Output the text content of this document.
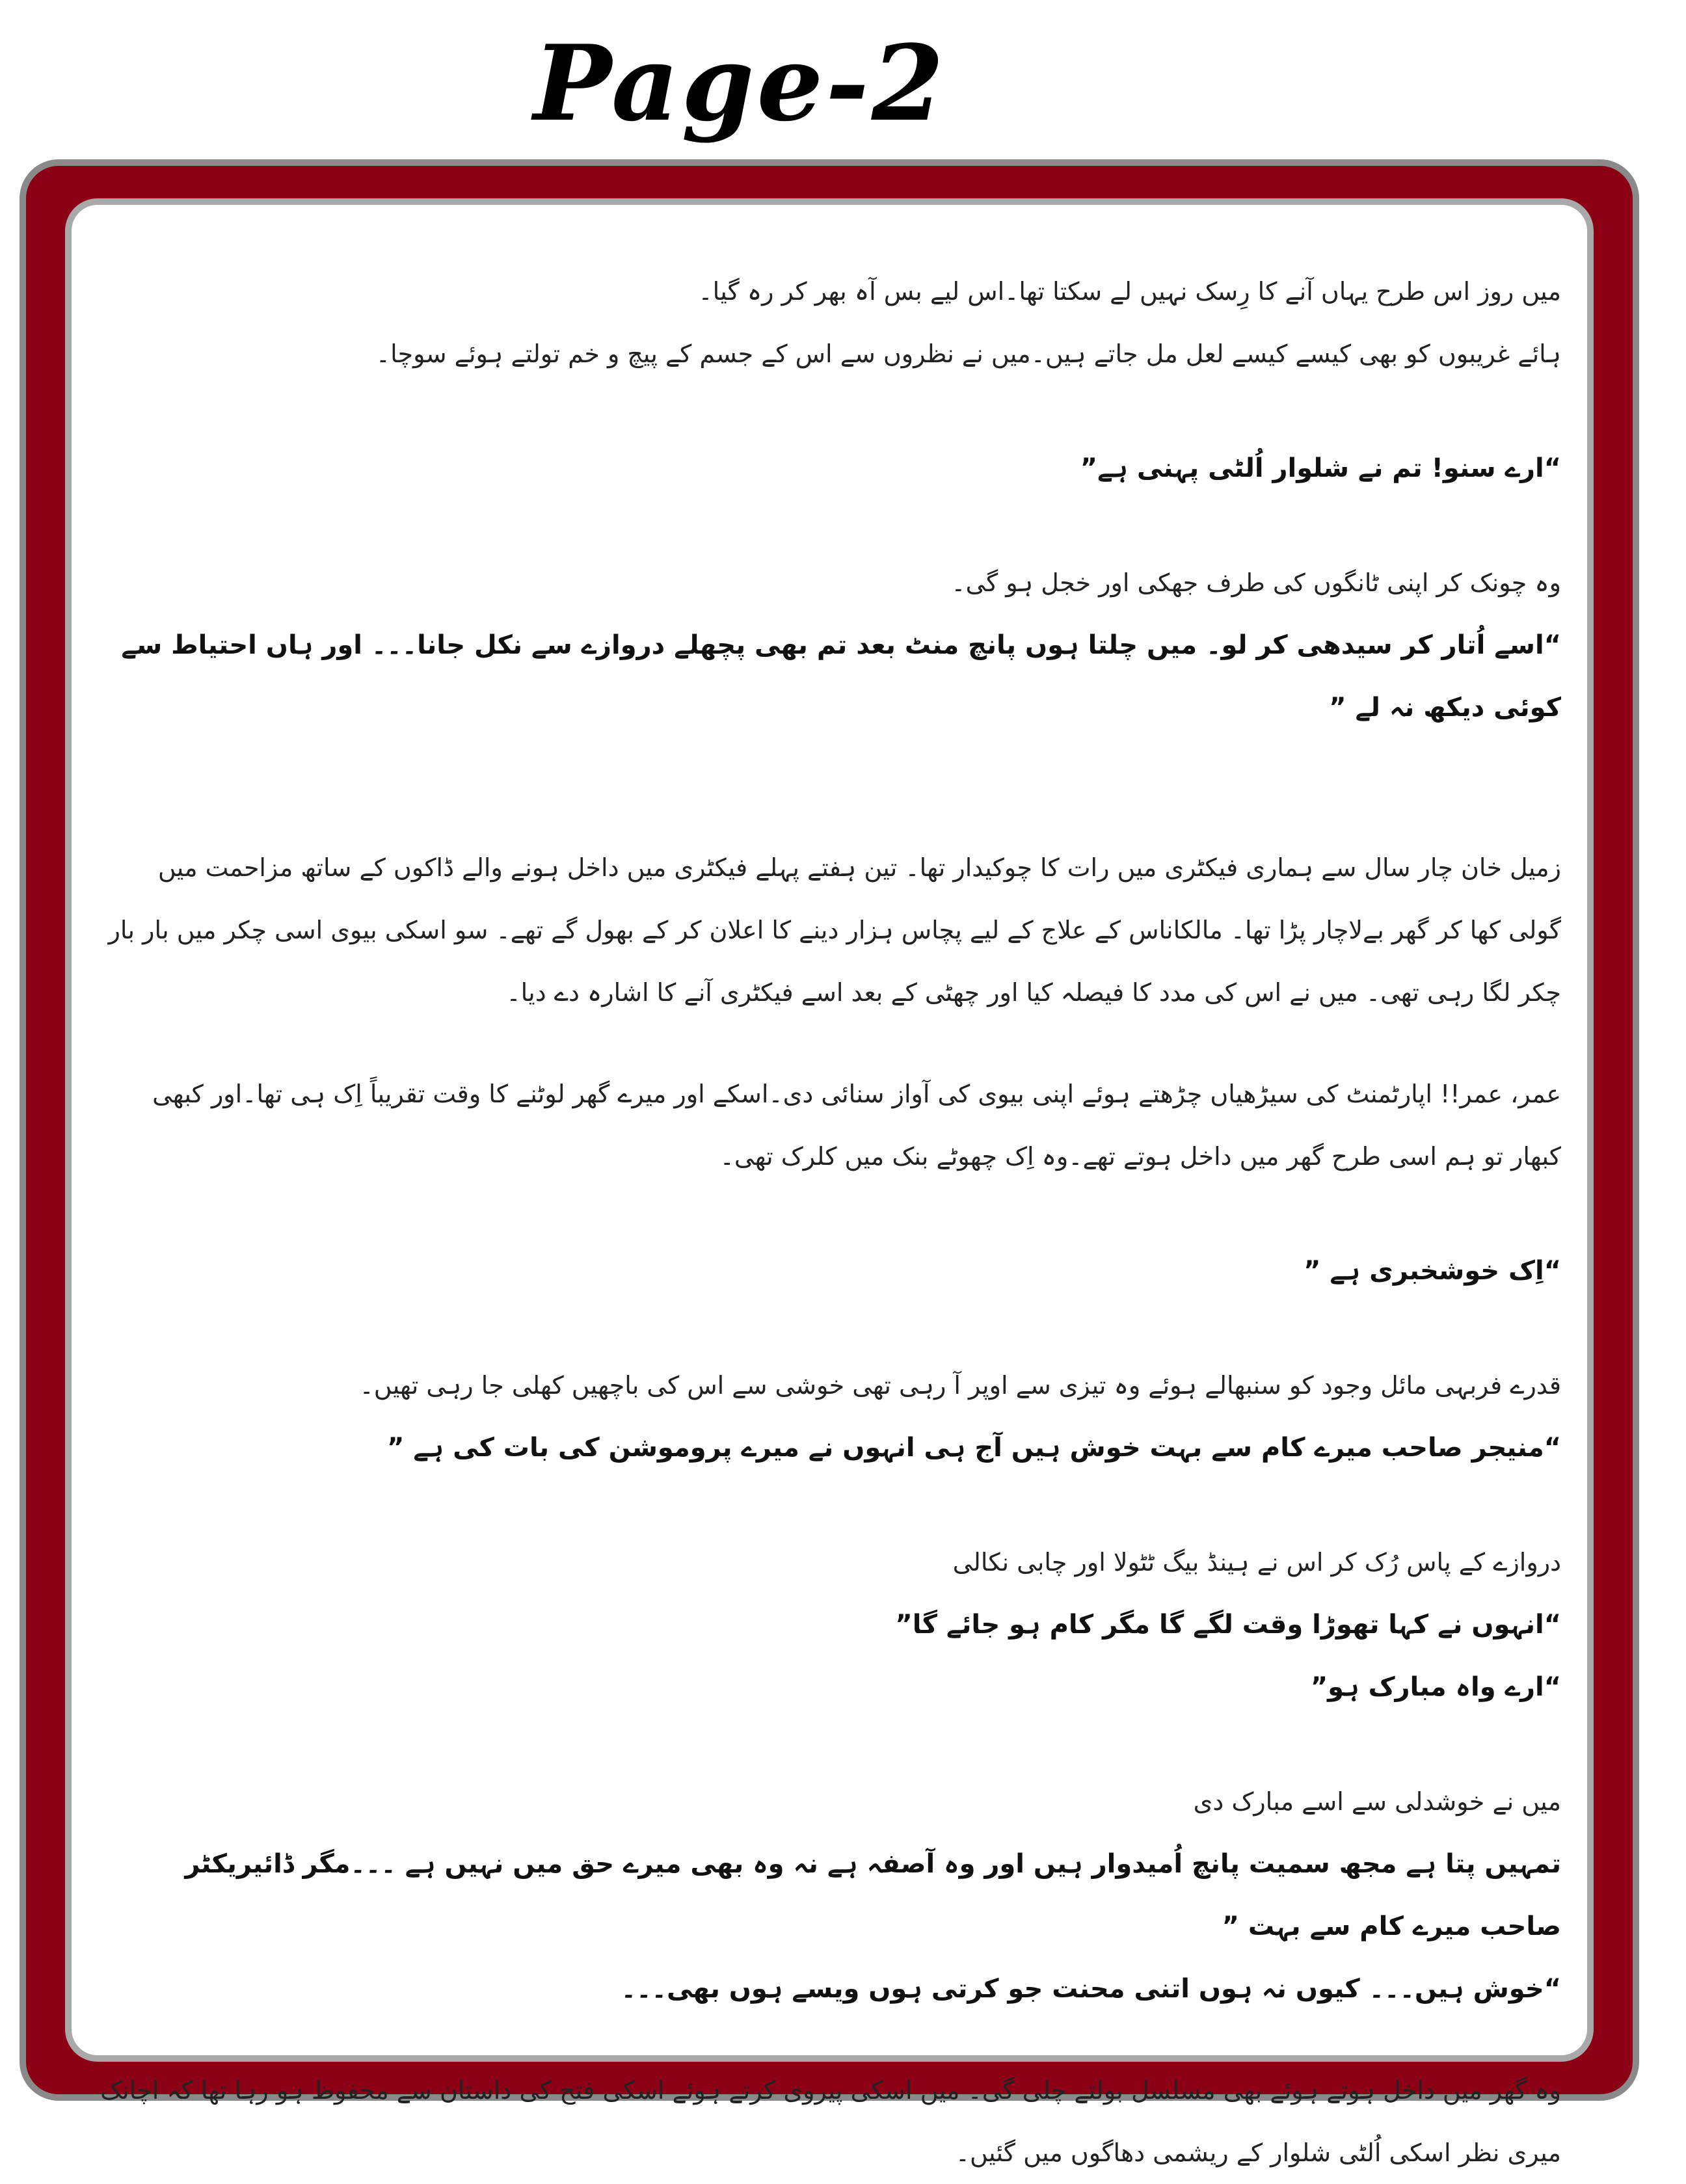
Page-2

میں روز اس طرح یہاں آنے کا رِسک نہیں لے سکتا تھا۔اس لیے بس آہ بھر کر رہ گیا۔

ہائے غریبوں کو بھی کیسے کیسے لعل مل جاتے ہیں۔میں نے نظروں سے اس کے جسم کے پیچ و خم تولتے ہوئے سوچا۔

“ارے سنو! تم نے شلوار اُلٹی پہنی ہے”

وہ چونک کر اپنی ٹانگوں کی طرف جھکی اور خجل ہو گی۔

“اسے اُتار کر سیدھی کر لو۔ میں چلتا ہوں پانچ منٹ بعد تم بھی پچھلے دروازے سے نکل جانا۔۔۔ اور ہاں احتیاط سے کوئی دیکھ نہ لے ”

زمیل خان چار سال سے ہماری فیکٹری میں رات کا چوکیدار تھا۔ تین ہفتے پہلے فیکٹری میں داخل ہونے والے ڈاکوں کے ساتھ مزاحمت میں گولی کھا کر گھر بےلاچار پڑا تھا۔ مالکاناس کے علاج کے لیے پچاس ہزار دینے کا اعلان کر کے بھول گے تھے۔ سو اسکی بیوی اسی چکر میں بار بار چکر لگا رہی تھی۔ میں نے اس کی مدد کا فیصلہ کیا اور چھٹی کے بعد اسے فیکٹری آنے کا اشارہ دے دیا۔

عمر، عمر!! اپارٹمنٹ کی سیڑھیاں چڑھتے ہوئے اپنی بیوی کی آواز سنائی دی۔اسکے اور میرے گھر لوٹنے کا وقت تقریباً اِک ہی تھا۔اور کبھی کبھار تو ہم اسی طرح گھر میں داخل ہوتے تھے۔وہ اِک چھوٹے بنک میں کلرک تھی۔

“اِک خوشخبری ہے ”

قدرے فربہی مائل وجود کو سنبھالے ہوئے وہ تیزی سے اوپر آ رہی تھی خوشی سے اس کی باچھیں کھلی جا رہی تھیں۔

“منیجر صاحب میرے کام سے بہت خوش ہیں آج ہی انہوں نے میرے پروموشن کی بات کی ہے ”

دروازے کے پاس رُک کر اس نے ہینڈ بیگ ٹٹولا اور چابی نکالی

“انہوں نے کہا تھوڑا وقت لگے گا مگر کام ہو جائے گا”

“ارے واہ مبارک ہو”

میں نے خوشدلی سے اسے مبارک دی

تمہیں پتا ہے مجھ سمیت پانچ اُمیدوار ہیں اور وہ آصفہ ہے نہ وہ بھی میرے حق میں نہیں ہے ۔۔۔مگر ڈائیریکٹر صاحب میرے کام سے بہت ”

“خوش ہیں۔۔۔ کیوں نہ ہوں اتنی محنت جو کرتی ہوں ویسے ہوں بھی۔۔۔

وہ گھر میں داخل ہوتے ہوئے بھی مسلسل بولتے چلی گی۔ میں اسکی پیروی کرتے ہوئے اسکی فتح کی داستان سے محفوظ ہو رہا تھا کہ اچانک میری نظر اسکی اُلٹی شلوار کے ریشمی دھاگوں میں گئیں۔
